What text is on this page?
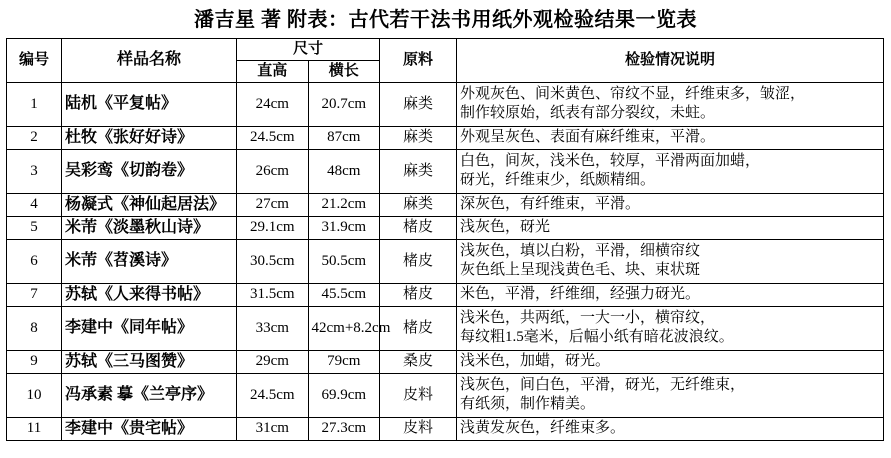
潘吉星 著 附表：古代若干法书用纸外观检验结果一览表
编号	样品名称	尺寸		原料	检验情况说明
		直高	横长		
1	陆机《平复帖》	24cm	20.7cm	麻类	外观灰色、间米黄色、帘纹不显，纤维束多，皱涩，
制作较原始，纸表有部分裂纹，未蛀。

2	杜牧《张好好诗》	24.5cm	87cm	麻类	外观呈灰色、表面有麻纤维束，平滑。

3	吴彩鸾《切韵卷》	26cm	48cm	麻类	白色，间灰，浅米色，较厚，平滑两面加蜡，
砑光，纤维束少，纸颇精细。

4	杨凝式《神仙起居法》	27cm	21.2cm	麻类	深灰色，有纤维束，平滑。

5	米芾《淡墨秋山诗》	29.1cm	31.9cm	楮皮	浅灰色，砑光

6	米芾《苕溪诗》	30.5cm	50.5cm	楮皮	浅灰色，填以白粉，平滑，细横帘纹
灰色纸上呈现浅黄色毛、块、束状斑

7	苏轼《人来得书帖》	31.5cm	45.5cm	楮皮	米色，平滑，纤维细，经强力砑光。

8	李建中《同年帖》	33cm	42cm+8.2cm	楮皮	浅米色，共两纸，一大一小，横帘纹，
每纹粗1.5毫米，后幅小纸有暗花波浪纹。

9	苏轼《三马图赞》	29cm	79cm	桑皮	浅米色，加蜡，砑光。

10	冯承素 摹《兰亭序》	24.5cm	69.9cm	皮料	浅灰色，间白色，平滑，砑光，无纤维束，
有纸须，制作精美。

11	李建中《贵宅帖》	31cm	27.3cm	皮料	浅黄发灰色，纤维束多。
